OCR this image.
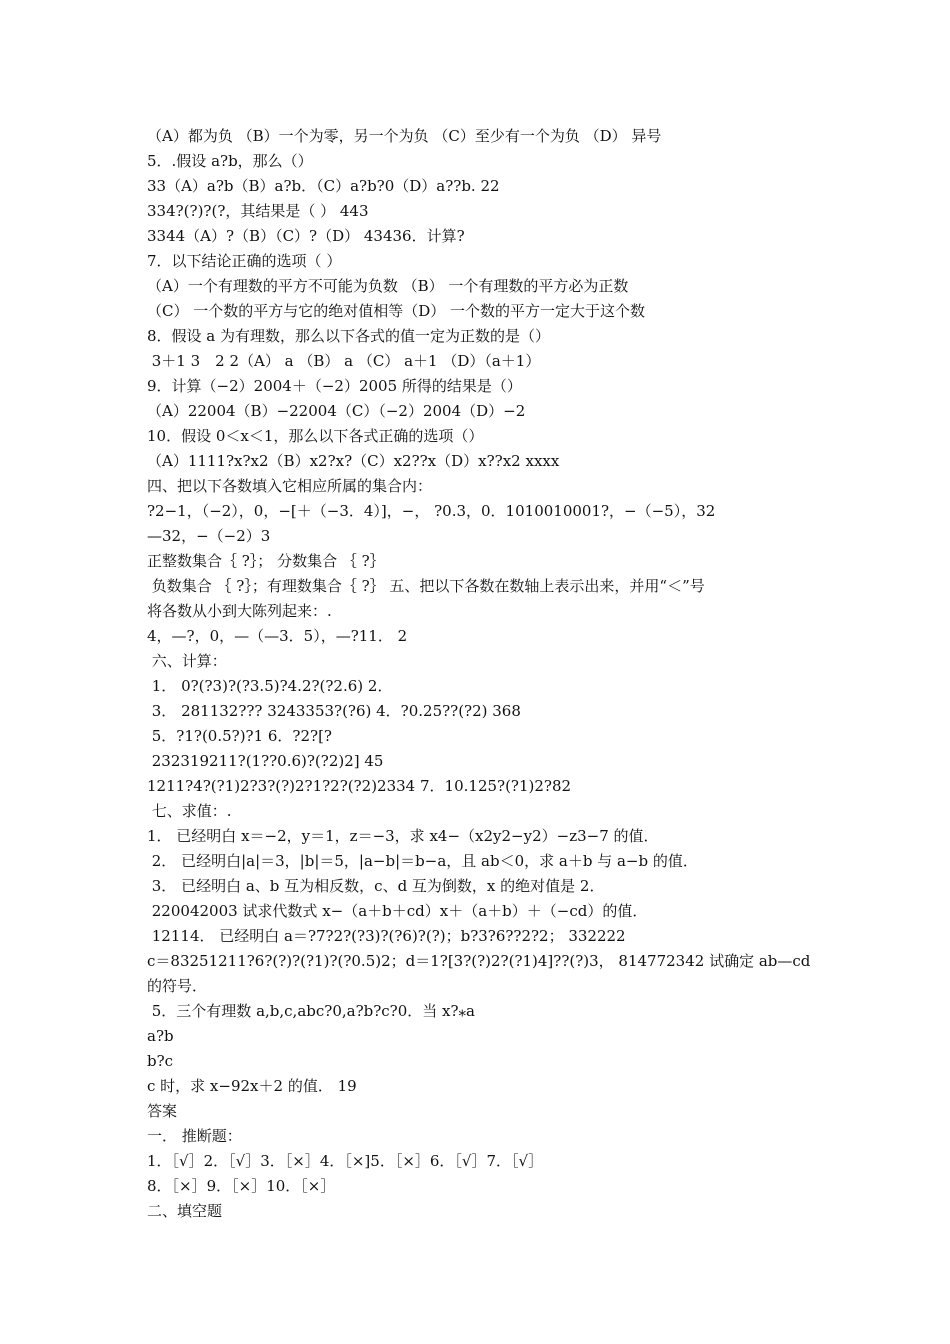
（A）都为负 （B）一个为零，另一个为负 （C）至少有一个为负 （D） 异号
5．.假设 a?b，那么（）
33（A）a?b（B）a?b．（C）a?b?0（D）a??b. 22
334?(?)?(?，其结果是（ ） 443
3344（A）?（B）（C）?（D） 43436．计算?
7．以下结论正确的选项（ ）
（A）一个有理数的平方不可能为负数 （B） 一个有理数的平方必为正数
（C） 一个数的平方与它的绝对值相等（D） 一个数的平方一定大于这个数
8．假设 a 为有理数，那么以下各式的值一定为正数的是（）
3＋1 3　2 2（A） a （B） a （C） a＋1 （D）（a＋1）
9．计算（−2）2004＋（−2）2005 所得的结果是（）
（A）22004（B）−22004（C）（−2）2004（D）−2
10．假设 0＜x＜1，那么以下各式正确的选项（）
（A）1111?x?x2（B）x2?x?（C）x2??x（D）x??x2 xxxx
四、把以下各数填入它相应所属的集合内：
?2−1，（−2），0，−[＋（−3．4）]，−， ?0.3，0．1010010001?，−（−5），32
—32，−（−2）3
正整数集合｛ ?｝； 分数集合 ｛ ?｝
负数集合 ｛ ?｝；有理数集合｛ ?｝ 五、把以下各数在数轴上表示出来，并用“＜”号
将各数从小到大陈列起来：.
4，—?，0，—（—3．5），—?11． 2
六、计算：
1． 0?(?3)?(?3.5)?4.2?(?2.6) 2．
3． 281132??? 3243353?(?6) 4．?0.25??(?2) 368
5．?1?(0.5?)?1 6．?2?[?
232319211?(1??0.6)?(?2)2] 45
1211?4?(?1)2?3?(?)2?1?2?(?2)2334 7．10.125?(?1)2?82
七、求值：.
1． 已经明白 x＝−2，y＝1，z＝−3，求 x4−（x2y2−y2）−z3−7 的值．
2． 已经明白|a|＝3，|b|＝5，|a−b|＝b−a，且 ab＜0，求 a＋b 与 a−b 的值．
3． 已经明白 a、b 互为相反数，c、d 互为倒数，x 的绝对值是 2．
220042003 试求代数式 x−（a＋b＋cd）x＋（a＋b）＋（−cd）的值．
12114． 已经明白 a＝?7?2?(?3)?(?6)?(?)；b?3?6??2?2； 332222
c＝83251211?6?(?)?(?1)?(?0.5)2；d＝1?[3?(?)2?(?1)4]??(?)3， 814772342 试确定 ab—cd 的符号．
5．三个有理数 a,b,c,abc?0,a?b?c?0．当 x?⁎a
a?b
b?c
c 时，求 x−92x＋2 的值． 19
答案
一． 推断题：
1．［√］2．［√］3．［×］4．［×]5．［×］6．［√］7．［√］
8．［×］9．［×］10．［×］
二、填空题
